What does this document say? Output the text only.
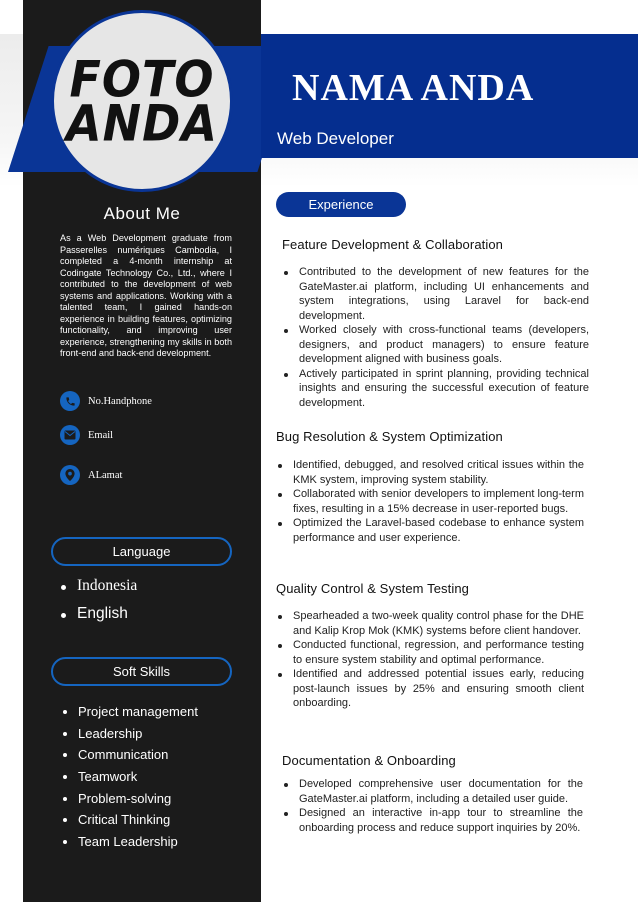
FOTO
ANDA
NAMA ANDA
Web Developer
About Me
As a Web Development graduate from Passerelles numériques Cambodia, I completed a 4-month internship at Codingate Technology Co., Ltd., where I contributed to the development of web systems and applications. Working with a talented team, I gained hands-on experience in building features, optimizing functionality, and improving user experience, strengthening my skills in both front-end and back-end development.
No.Handphone
Email
ALamat
Language
Indonesia
English
Soft Skills
Project management
Leadership
Communication
Teamwork
Problem-solving
Critical Thinking
Team Leadership
Experience
Feature Development & Collaboration
Contributed to the development of new features for the GateMaster.ai platform, including UI enhancements and system integrations, using Laravel for back-end development.
Worked closely with cross-functional teams (developers, designers, and product managers) to ensure feature development aligned with business goals.
Actively participated in sprint planning, providing technical insights and ensuring the successful execution of feature development.
Bug Resolution & System Optimization
Identified, debugged, and resolved critical issues within the KMK system, improving system stability.
Collaborated with senior developers to implement long-term fixes, resulting in a 15% decrease in user-reported bugs.
Optimized the Laravel-based codebase to enhance system performance and user experience.
Quality Control & System Testing
Spearheaded a two-week quality control phase for the DHE and Kalip Krop Mok (KMK) systems before client handover.
Conducted functional, regression, and performance testing to ensure system stability and optimal performance.
Identified and addressed potential issues early, reducing post-launch issues by 25% and ensuring smooth client onboarding.
Documentation & Onboarding
Developed comprehensive user documentation for the GateMaster.ai platform, including a detailed user guide.
Designed an interactive in-app tour to streamline the onboarding process and reduce support inquiries by 20%.
